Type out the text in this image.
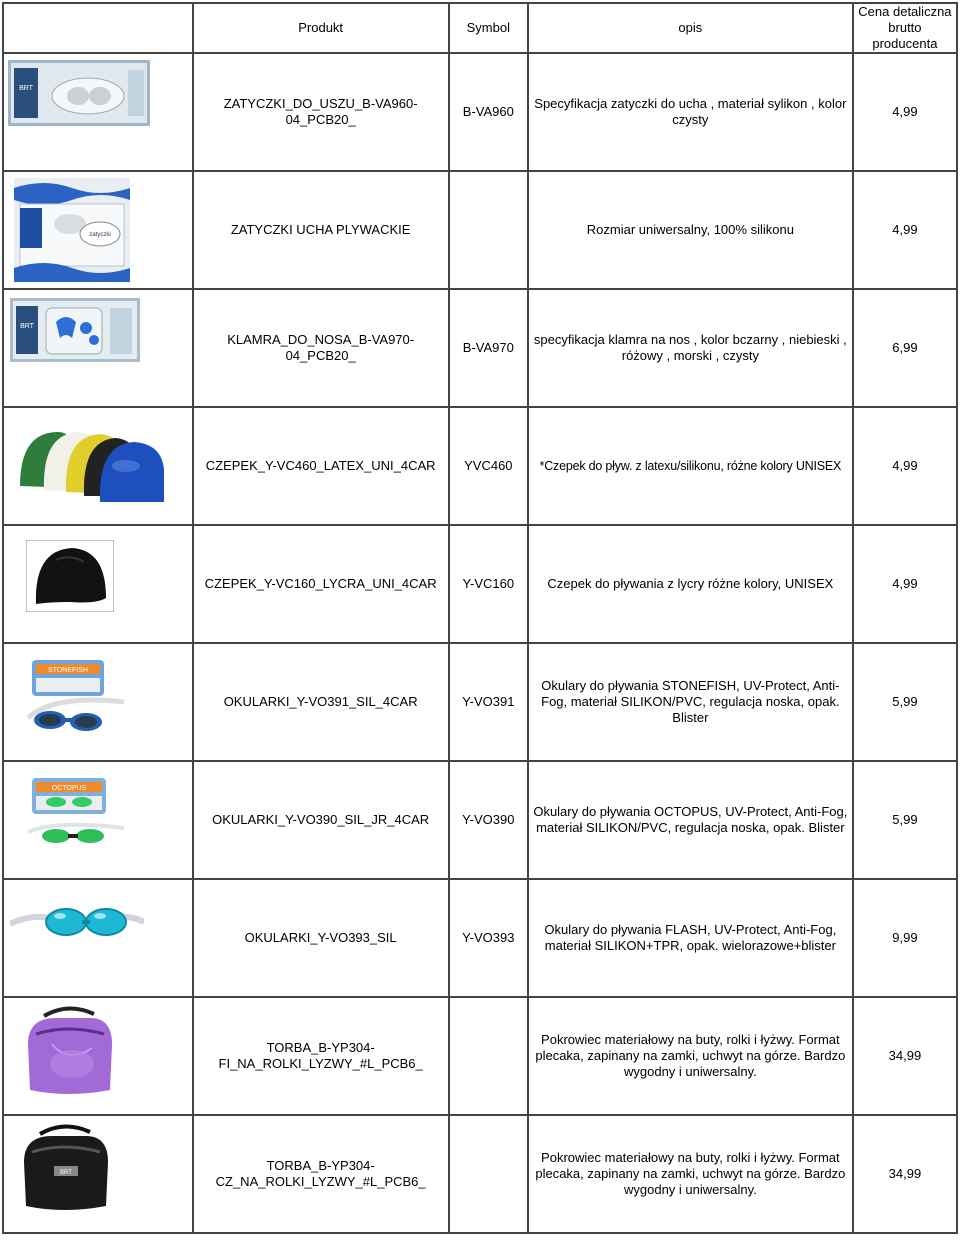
	Produkt	Symbol	opis	Cena detaliczna
brutto producenta

BRT	ZATYCZKI_DO_USZU_B-VA960-04_PCB20_	B-VA960	Specyfikacja zatyczki do ucha , materiał sylikon , kolor czysty	4,99

zatyczki	ZATYCZKI UCHA PLYWACKIE		Rozmiar uniwersalny, 100% silikonu	4,99

BRT	KLAMRA_DO_NOSA_B-VA970-04_PCB20_	B-VA970	specyfikacja klamra na nos , kolor bczarny , niebieski , różowy , morski , czysty	6,99

	CZEPEK_Y-VC460_LATEX_UNI_4CAR	YVC460	*Czepek do pływ. z latexu/silikonu, różne kolory UNISEX	4,99

	CZEPEK_Y-VC160_LYCRA_UNI_4CAR	Y-VC160	Czepek do pływania z lycry różne kolory, UNISEX	4,99

STONEFISH	OKULARKI_Y-VO391_SIL_4CAR	Y-VO391	Okulary do pływania STONEFISH, UV-Protect, Anti-Fog, materiał SILIKON/PVC, regulacja noska, opak. Blister	5,99

OCTOPUS	OKULARKI_Y-VO390_SIL_JR_4CAR	Y-VO390	Okulary do pływania OCTOPUS, UV-Protect, Anti-Fog, materiał SILIKON/PVC, regulacja noska, opak. Blister	5,99

	OKULARKI_Y-VO393_SIL	Y-VO393	Okulary do pływania FLASH, UV-Protect, Anti-Fog, materiał SILIKON+TPR, opak. wielorazowe+blister	9,99

	TORBA_B-YP304-FI_NA_ROLKI_LYZWY_#L_PCB6_		Pokrowiec materiałowy na buty, rolki i łyżwy. Format plecaka, zapinany na zamki, uchwyt na górze. Bardzo wygodny i uniwersalny.	34,99

BRT	TORBA_B-YP304-CZ_NA_ROLKI_LYZWY_#L_PCB6_		Pokrowiec materiałowy na buty, rolki i łyżwy. Format plecaka, zapinany na zamki, uchwyt na górze. Bardzo wygodny i uniwersalny.	34,99
